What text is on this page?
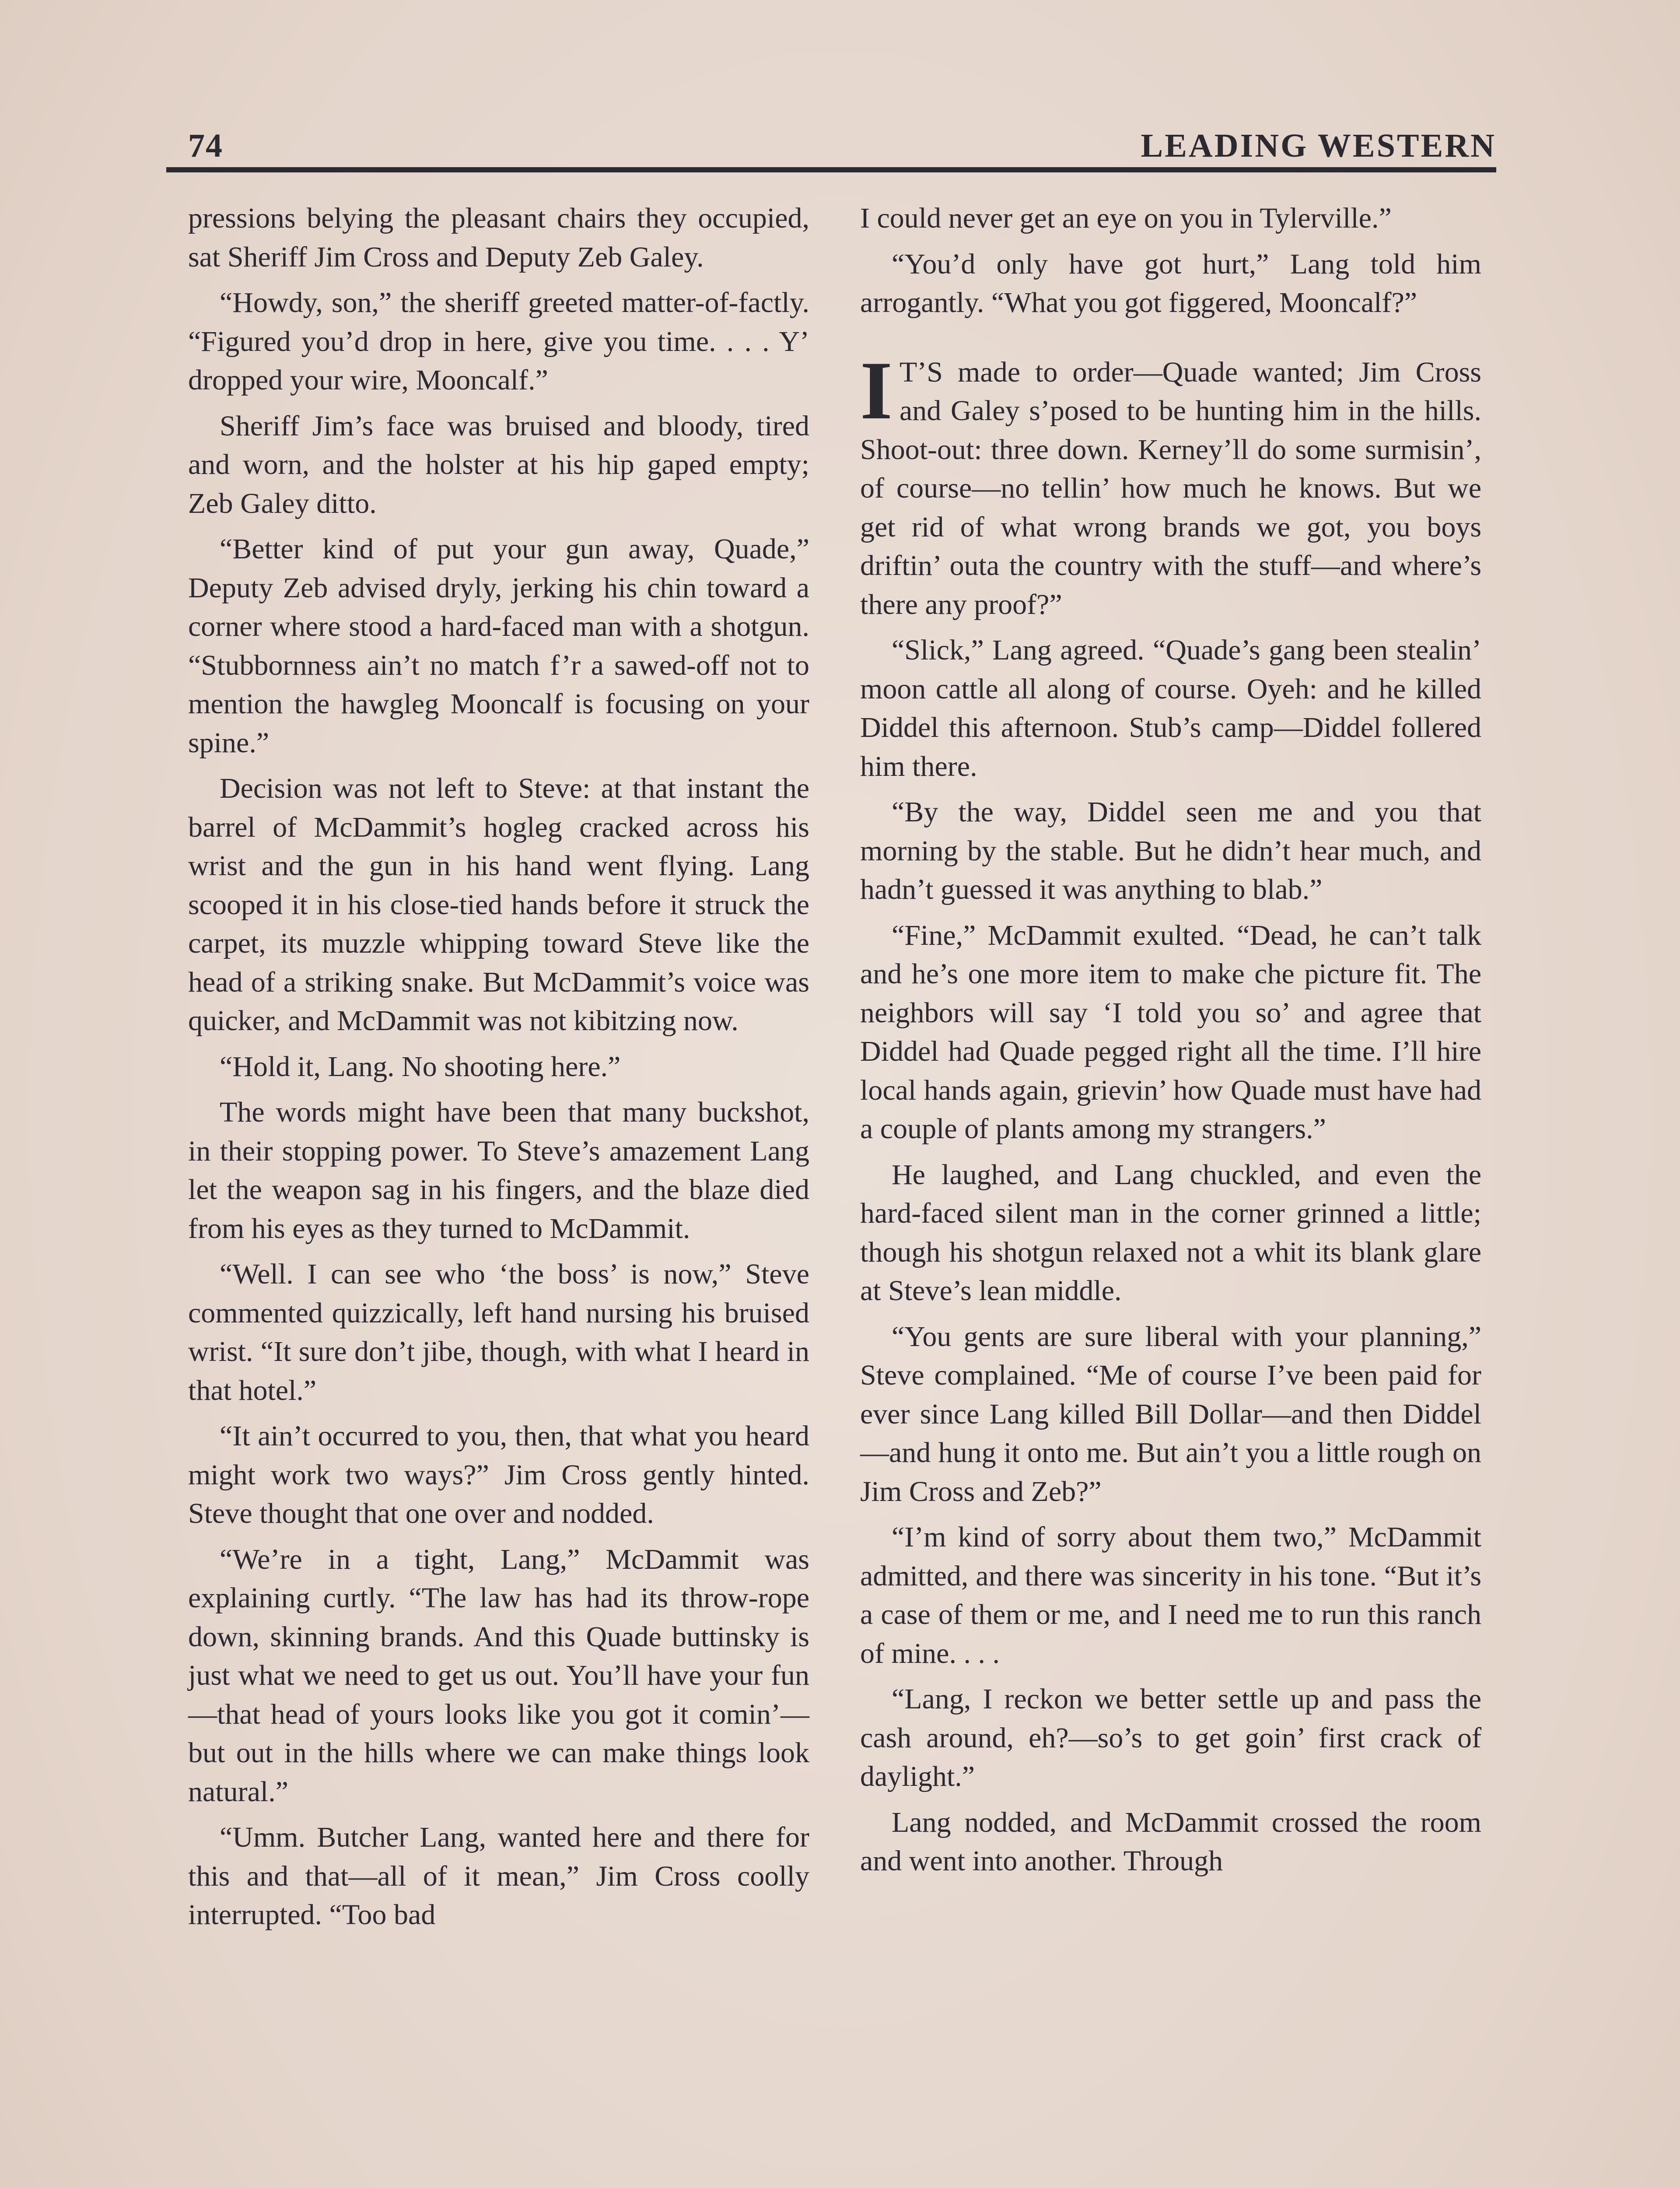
74	LEADING WESTERN

pressions belying the pleasant chairs they occupied, sat Sheriff Jim Cross and Deputy Zeb Galey.

“Howdy, son,” the sheriff greeted matter-of-factly. “Figured you’d drop in here, give you time. . . . Y’ dropped your wire, Mooncalf.”

Sheriff Jim’s face was bruised and bloody, tired and worn, and the holster at his hip gaped empty; Zeb Galey ditto.

“Better kind of put your gun away, Quade,” Deputy Zeb advised dryly, jerking his chin toward a corner where stood a hard-faced man with a shotgun. “Stubbornness ain’t no match f’r a sawed-off not to mention the hawgleg Mooncalf is focusing on your spine.”

Decision was not left to Steve: at that instant the barrel of McDammit’s hogleg cracked across his wrist and the gun in his hand went flying. Lang scooped it in his close-tied hands before it struck the carpet, its muzzle whipping toward Steve like the head of a striking snake. But McDammit’s voice was quicker, and McDammit was not kibitzing now.

“Hold it, Lang. No shooting here.”

The words might have been that many buckshot, in their stopping power. To Steve’s amazement Lang let the weapon sag in his fingers, and the blaze died from his eyes as they turned to McDammit.

“Well. I can see who ‘the boss’ is now,” Steve commented quizzically, left hand nursing his bruised wrist. “It sure don’t jibe, though, with what I heard in that hotel.”

“It ain’t occurred to you, then, that what you heard might work two ways?” Jim Cross gently hinted. Steve thought that one over and nodded.

“We’re in a tight, Lang,” McDammit was explaining curtly. “The law has had its throw-rope down, skinning brands. And this Quade buttinsky is just what we need to get us out. You’ll have your fun—that head of yours looks like you got it comin’—but out in the hills where we can make things look natural.”

“Umm. Butcher Lang, wanted here and there for this and that—all of it mean,” Jim Cross coolly interrupted. “Too bad

I could never get an eye on you in Tylerville.”

“You’d only have got hurt,” Lang told him arrogantly. “What you got figgered, Mooncalf?”

I T’S made to order—Quade wanted; Jim Cross and Galey s’posed to be hunting him in the hills. Shoot-out: three down. Kerney’ll do some surmisin’, of course—no tellin’ how much he knows. But we get rid of what wrong brands we got, you boys driftin’ outa the country with the stuff—and where’s there any proof?”

“Slick,” Lang agreed. “Quade’s gang been stealin’ moon cattle all along of course. Oyeh: and he killed Diddel this afternoon. Stub’s camp—Diddel follered him there.

“By the way, Diddel seen me and you that morning by the stable. But he didn’t hear much, and hadn’t guessed it was anything to blab.”

“Fine,” McDammit exulted. “Dead, he can’t talk and he’s one more item to make che picture fit. The neighbors will say ‘I told you so’ and agree that Diddel had Quade pegged right all the time. I’ll hire local hands again, grievin’ how Quade must have had a couple of plants among my strangers.”

He laughed, and Lang chuckled, and even the hard-faced silent man in the corner grinned a little; though his shotgun relaxed not a whit its blank glare at Steve’s lean middle.

“You gents are sure liberal with your planning,” Steve complained. “Me of course I’ve been paid for ever since Lang killed Bill Dollar—and then Diddel—and hung it onto me. But ain’t you a little rough on Jim Cross and Zeb?”

“I’m kind of sorry about them two,” McDammit admitted, and there was sincerity in his tone. “But it’s a case of them or me, and I need me to run this ranch of mine. . . .

“Lang, I reckon we better settle up and pass the cash around, eh?—so’s to get goin’ first crack of daylight.”

Lang nodded, and McDammit crossed the room and went into another. Through
